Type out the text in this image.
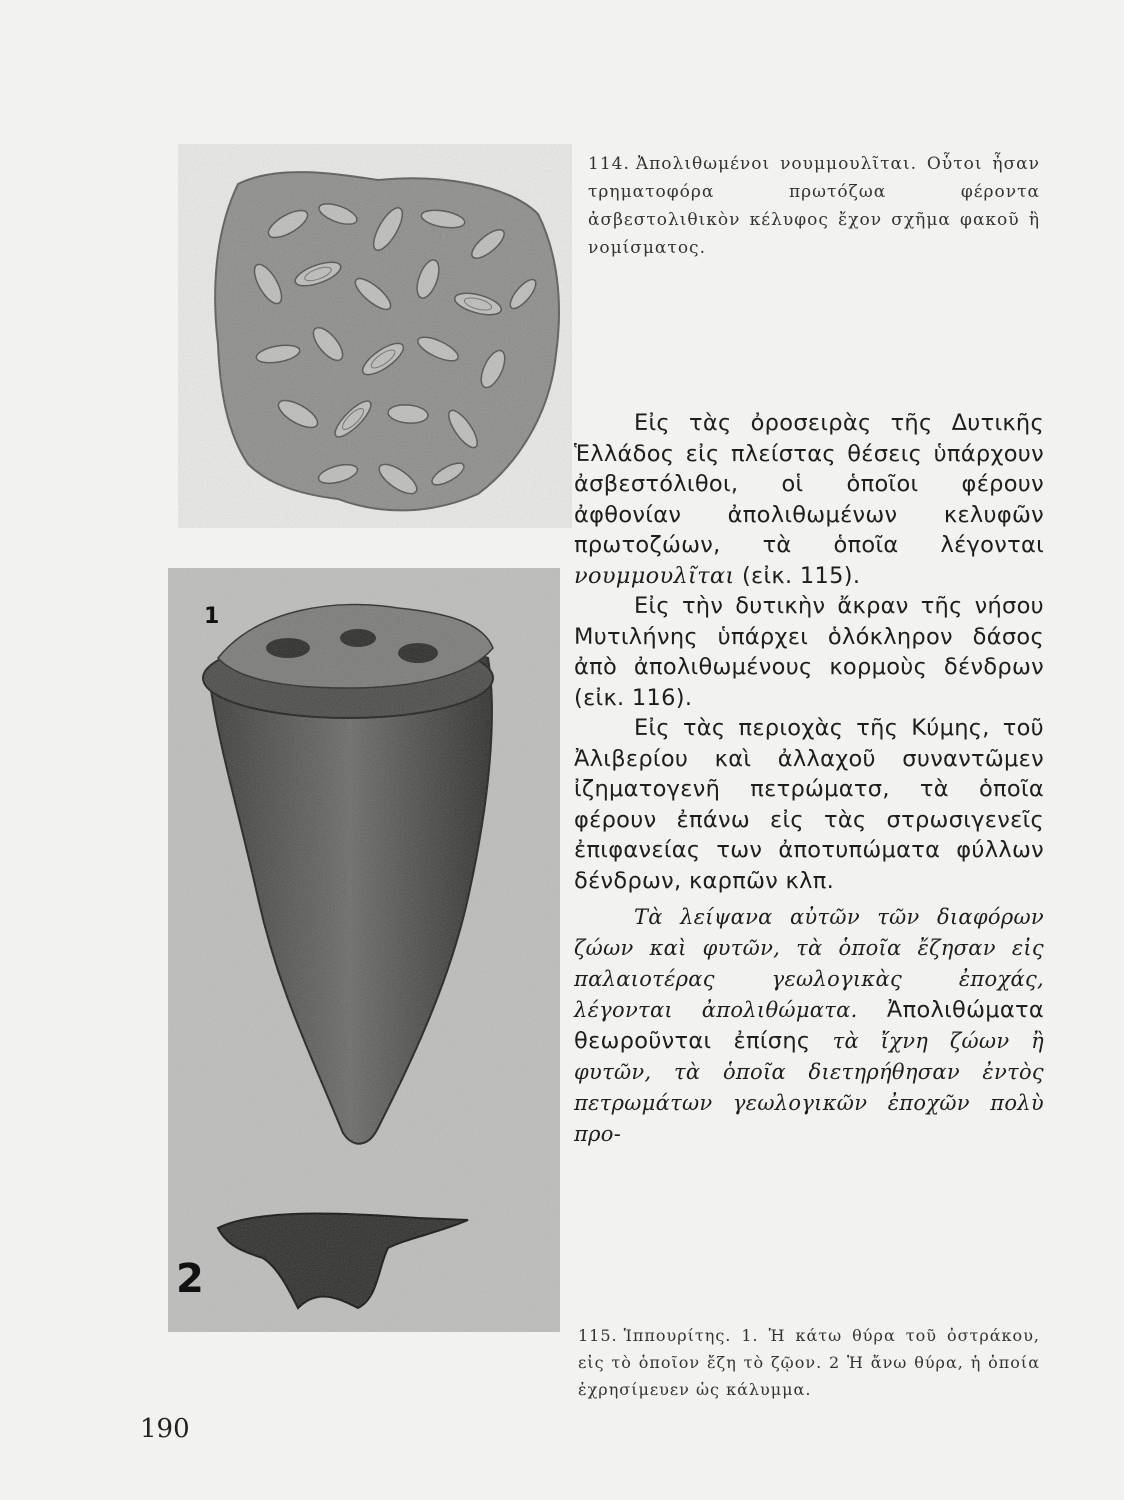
114. Ἀπολιθωμένοι νουμμουλῖται. Οὗτοι ἦσαν τρηματοφόρα πρωτόζωα φέροντα ἀσβεστολιθικὸν κέλυφος ἔχον σχῆμα φακοῦ ἢ νομίσματος.
1
2
115. Ἱππουρίτης. 1. Ἡ κάτω θύρα τοῦ ὀστράκου, εἰς τὸ ὁποῖον ἔζη τὸ ζῷον. 2 Ἡ ἄνω θύρα, ἡ ὁποία ἐχρησίμευεν ὡς κάλυμμα.

Εἰς τὰς ὀροσειρὰς τῆς Δυτικῆς Ἑλλάδος εἰς πλείστας θέσεις ὑπάρχουν ἀσβεστόλιθοι, οἱ ὁποῖοι φέρουν ἀφθονίαν ἀπολιθωμένων κελυφῶν πρωτοζώων, τὰ ὁποῖα λέγονται νουμμουλῖται (εἰκ. 115).

Εἰς τὴν δυτικὴν ἄκραν τῆς νήσου Μυτιλήνης ὑπάρχει ὁλόκληρον δάσος ἀπὸ ἀπολιθωμένους κορμοὺς δένδρων (εἰκ. 116).

Εἰς τὰς περιοχὰς τῆς Κύμης, τοῦ Ἀλιβερίου καὶ ἀλλαχοῦ συναντῶμεν ἰζηματογενῆ πετρώματσ, τὰ ὁποῖα φέρουν ἐπάνω εἰς τὰς στρωσιγενεῖς ἐπιφανείας των ἀποτυπώματα φύλλων δένδρων, καρπῶν κλπ.

Τὰ λείψανα αὐτῶν τῶν διαφόρων ζώων καὶ φυτῶν, τὰ ὁποῖα ἔζησαν εἰς παλαιοτέρας γεωλογικὰς ἐποχάς, λέγονται ἀπολιθώματα. Ἀπολιθώματα θεωροῦνται ἐπίσης τὰ ἴχνη ζώων ἢ φυτῶν, τὰ ὁποῖα διετηρήθησαν ἐντὸς πετρωμάτων γεωλογικῶν ἐποχῶν πολὺ προ-

190
